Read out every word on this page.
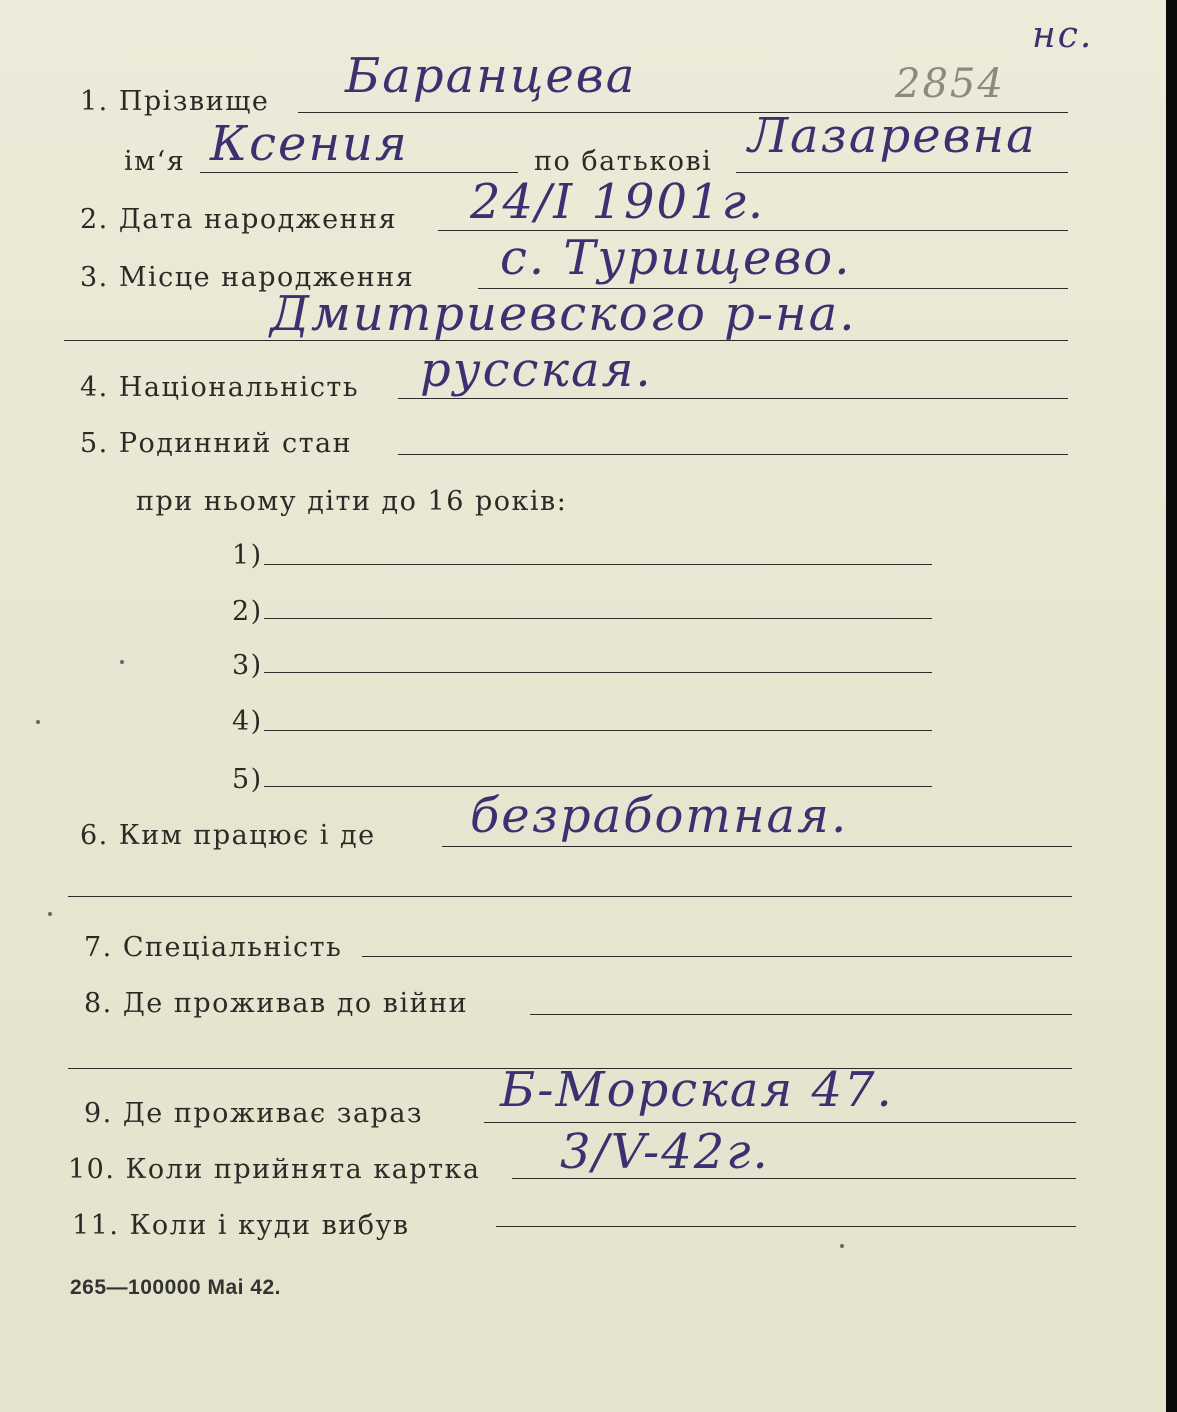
1. Прізвище Баранцева	2854
нс.
ім‘я Ксения	по батькові Лазаревна
2. Дата народження 24/I 1901г.
3. Місце народження с. Турищево.
Дмитриевского р-на.
4. Національність русская.
5. Родинний стан
при ньому діти до 16 років:
1)
2)
3)
4)
5)
6. Ким працює і де безработная.
7. Спеціальність
8. Де проживав до війни
9. Де проживає зараз Б-Морская 47.
10. Коли прийнята картка 3/V-42г.
11. Коли і куди вибув
265—100000 Mai 42.
